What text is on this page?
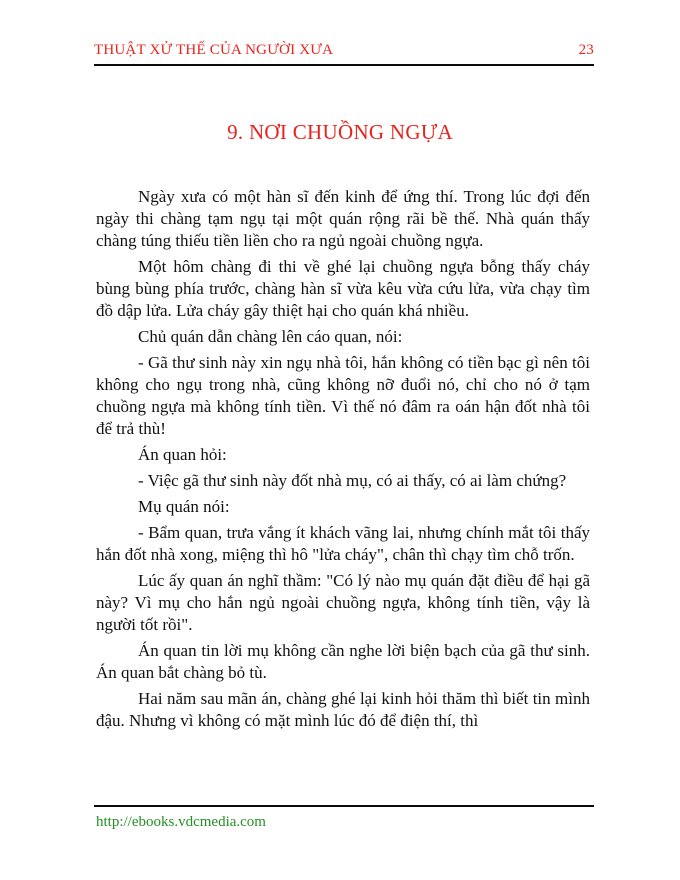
THUẬT XỬ THẾ CỦA NGƯỜI XƯA	23
9. NƠI CHUỒNG NGỰA

Ngày xưa có một hàn sĩ đến kinh để ứng thí. Trong lúc đợi đến ngày thi chàng tạm ngụ tại một quán rộng rãi bề thế. Nhà quán thấy chàng túng thiếu tiền liền cho ra ngủ ngoài chuồng ngựa.

Một hôm chàng đi thi về ghé lại chuồng ngựa bỗng thấy cháy bùng bùng phía trước, chàng hàn sĩ vừa kêu vừa cứu lửa, vừa chạy tìm đồ dập lửa. Lửa cháy gây thiệt hại cho quán khá nhiều.

Chủ quán dẫn chàng lên cáo quan, nói:

- Gã thư sinh này xin ngụ nhà tôi, hắn không có tiền bạc gì nên tôi không cho ngụ trong nhà, cũng không nỡ đuổi nó, chỉ cho nó ở tạm chuồng ngựa mà không tính tiền. Vì thế nó đâm ra oán hận đốt nhà tôi để trả thù!

Án quan hỏi:

- Việc gã thư sinh này đốt nhà mụ, có ai thấy, có ai làm chứng?

Mụ quán nói:

- Bẩm quan, trưa vắng ít khách vãng lai, nhưng chính mắt tôi thấy hắn đốt nhà xong, miệng thì hô "lửa cháy", chân thì chạy tìm chỗ trốn.

Lúc ấy quan án nghĩ thầm: "Có lý nào mụ quán đặt điều để hại gã này? Vì mụ cho hắn ngủ ngoài chuồng ngựa, không tính tiền, vậy là người tốt rồi".

Án quan tin lời mụ không cần nghe lời biện bạch của gã thư sinh. Án quan bắt chàng bỏ tù.

Hai năm sau mãn án, chàng ghé lại kinh hỏi thăm thì biết tin mình đậu. Nhưng vì không có mặt mình lúc đó để điện thí, thì

http://ebooks.vdcmedia.com
